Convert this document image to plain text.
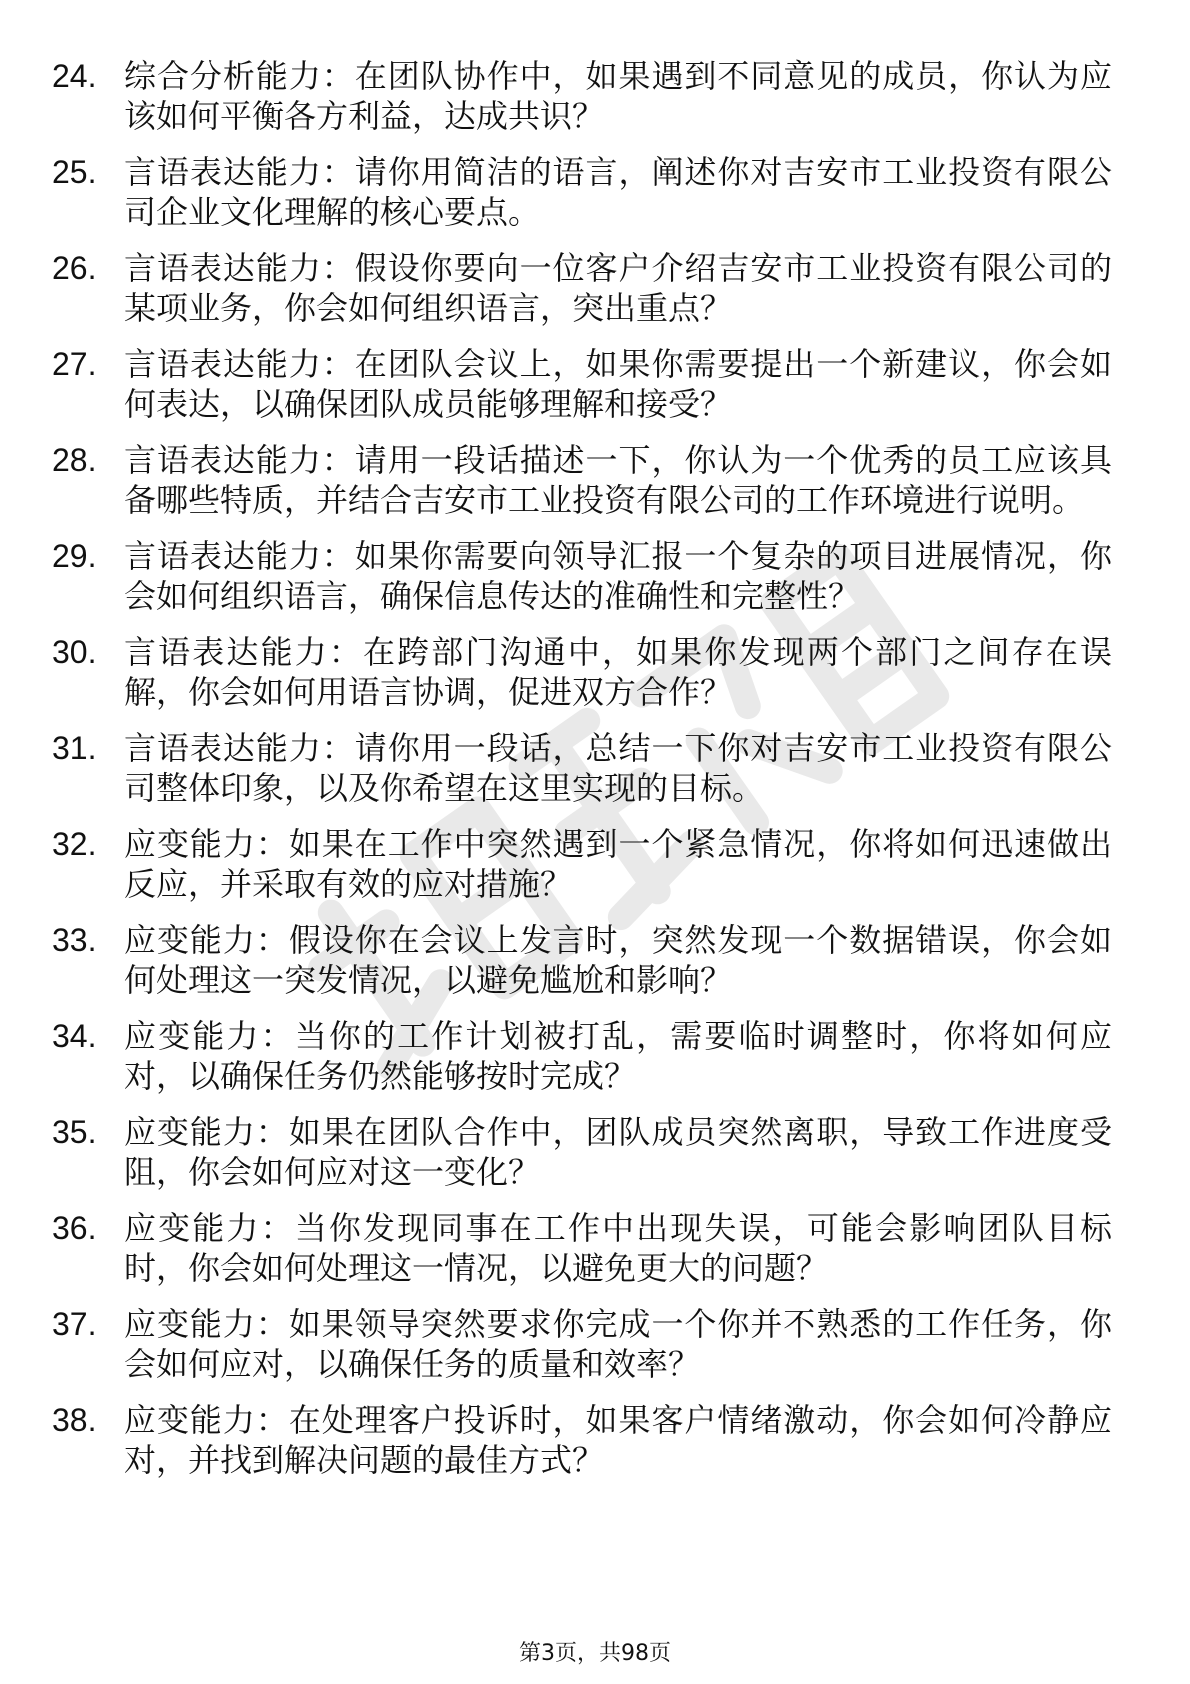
24. 综合分析能力：在团队协作中，如果遇到不同意见的成员，你认为应该如何平衡各方利益，达成共识？
25. 言语表达能力：请你用简洁的语言，阐述你对吉安市工业投资有限公司企业文化理解的核心要点。
26. 言语表达能力：假设你要向一位客户介绍吉安市工业投资有限公司的某项业务，你会如何组织语言，突出重点？
27. 言语表达能力：在团队会议上，如果你需要提出一个新建议，你会如何表达，以确保团队成员能够理解和接受？
28. 言语表达能力：请用一段话描述一下，你认为一个优秀的员工应该具备哪些特质，并结合吉安市工业投资有限公司的工作环境进行说明。
29. 言语表达能力：如果你需要向领导汇报一个复杂的项目进展情况，你会如何组织语言，确保信息传达的准确性和完整性？
30. 言语表达能力：在跨部门沟通中，如果你发现两个部门之间存在误解，你会如何用语言协调，促进双方合作？
31. 言语表达能力：请你用一段话，总结一下你对吉安市工业投资有限公司整体印象，以及你希望在这里实现的目标。
32. 应变能力：如果在工作中突然遇到一个紧急情况，你将如何迅速做出反应，并采取有效的应对措施？
33. 应变能力：假设你在会议上发言时，突然发现一个数据错误，你会如何处理这一突发情况，以避免尴尬和影响？
34. 应变能力：当你的工作计划被打乱，需要临时调整时，你将如何应对，以确保任务仍然能够按时完成？
35. 应变能力：如果在团队合作中，团队成员突然离职，导致工作进度受阻，你会如何应对这一变化？
36. 应变能力：当你发现同事在工作中出现失误，可能会影响团队目标时，你会如何处理这一情况，以避免更大的问题？
37. 应变能力：如果领导突然要求你完成一个你并不熟悉的工作任务，你会如何应对，以确保任务的质量和效率？
38. 应变能力：在处理客户投诉时，如果客户情绪激动，你会如何冷静应对，并找到解决问题的最佳方式？
第3页，共98页
